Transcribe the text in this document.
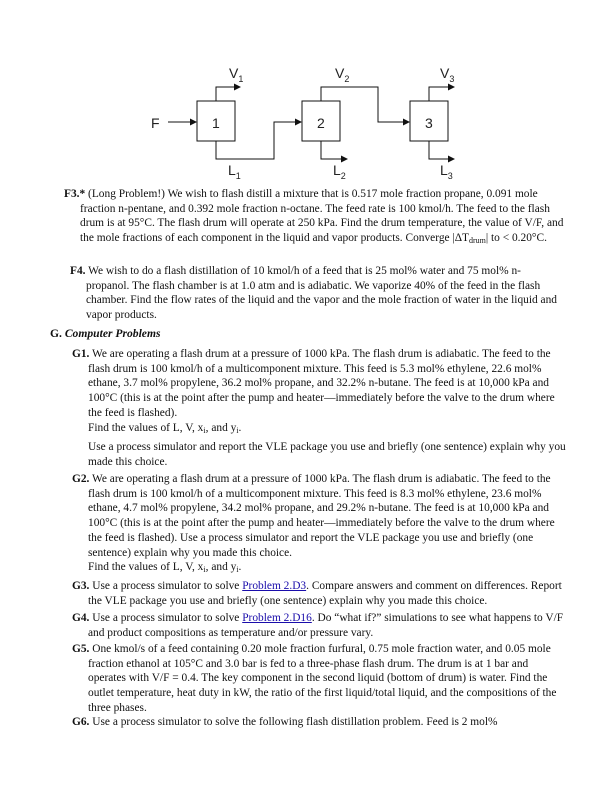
F
$V_1$	$V_2$	$V_3$
$L_1$	$L_2$	$L_3$
1	2	3
F3.* (Long Problem!) We wish to flash distill a mixture that is 0.517 mole fraction propane, 0.091 mole fraction n-pentane, and 0.392 mole fraction n-octane. The feed rate is 100 kmol/h. The feed to the flash drum is at 95°C. The flash drum will operate at 250 kPa. Find the drum temperature, the value of V/F, and the mole fractions of each component in the liquid and vapor products. Converge $|\Delta T_{drum}|$ to < 0.20°C.
F4. We wish to do a flash distillation of 10 kmol/h of a feed that is 25 mol% water and 75 mol% n-propanol. The flash chamber is at 1.0 atm and is adiabatic. We vaporize 40% of the feed in the flash chamber. Find the flow rates of the liquid and the vapor and the mole fraction of water in the liquid and vapor products.
G. Computer Problems
G1. We are operating a flash drum at a pressure of 1000 kPa. The flash drum is adiabatic. The feed to the flash drum is 100 kmol/h of a multicomponent mixture. This feed is 5.3 mol% ethylene, 22.6 mol% ethane, 3.7 mol% propylene, 36.2 mol% propane, and 32.2% n-butane. The feed is at 10,000 kPa and 100°C (this is at the point after the pump and heater—immediately before the valve to the drum where the feed is flashed).
Find the values of L, V, $x_i$, and $y_i$.
Use a process simulator and report the VLE package you use and briefly (one sentence) explain why you made this choice.
G2. We are operating a flash drum at a pressure of 1000 kPa. The flash drum is adiabatic. The feed to the flash drum is 100 kmol/h of a multicomponent mixture. This feed is 8.3 mol% ethylene, 23.6 mol% ethane, 4.7 mol% propylene, 34.2 mol% propane, and 29.2% n-butane. The feed is at 10,000 kPa and 100°C (this is at the point after the pump and heater—immediately before the valve to the drum where the feed is flashed). Use a process simulator and report the VLE package you use and briefly (one sentence) explain why you made this choice.
Find the values of L, V, $x_i$, and $y_i$.
G3. Use a process simulator to solve Problem 2.D3. Compare answers and comment on differences. Report the VLE package you use and briefly (one sentence) explain why you made this choice.
G4. Use a process simulator to solve Problem 2.D16. Do “what if?” simulations to see what happens to V/F and product compositions as temperature and/or pressure vary.
G5. One kmol/s of a feed containing 0.20 mole fraction furfural, 0.75 mole fraction water, and 0.05 mole fraction ethanol at 105°C and 3.0 bar is fed to a three-phase flash drum. The drum is at 1 bar and operates with V/F = 0.4. The key component in the second liquid (bottom of drum) is water. Find the outlet temperature, heat duty in kW, the ratio of the first liquid/total liquid, and the compositions of the three phases.
G6. Use a process simulator to solve the following flash distillation problem. Feed is 2 mol%
